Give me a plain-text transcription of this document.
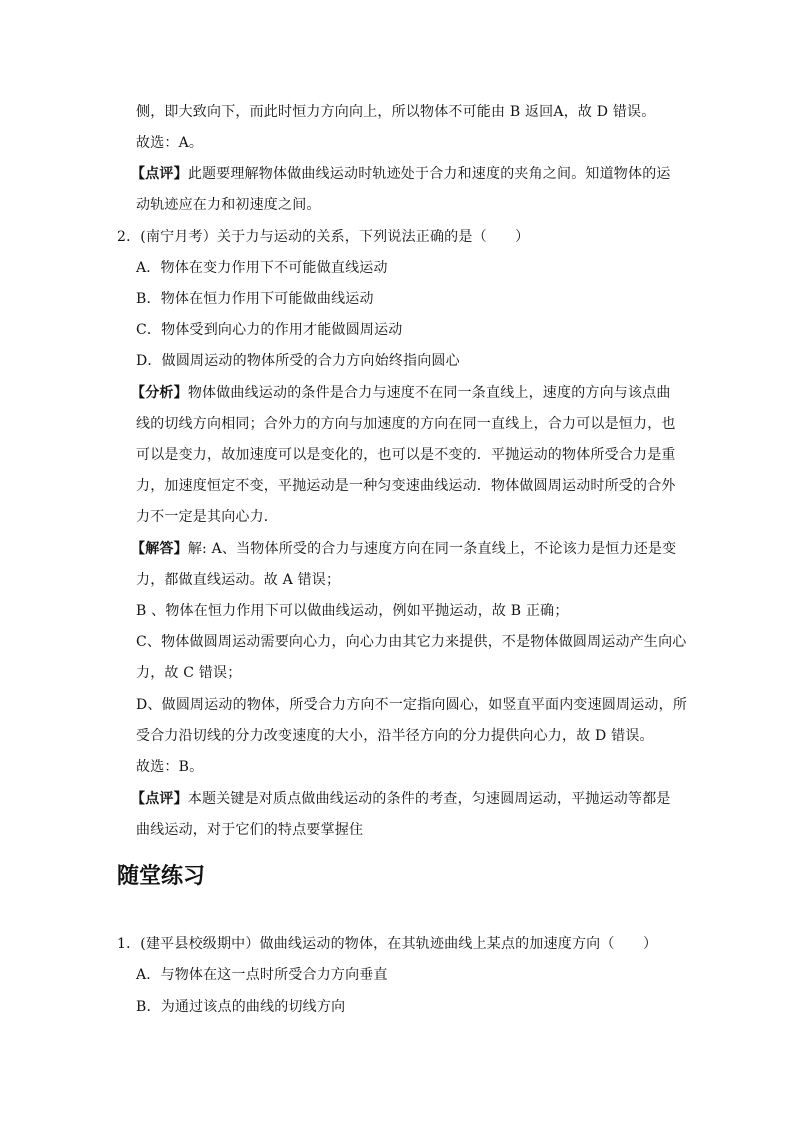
侧，即大致向下，而此时恒力方向向上，所以物体不可能由 B 返回A，故 D 错误。
故选：A。
【点评】此题要理解物体做曲线运动时轨迹处于合力和速度的夹角之间。知道物体的运
动轨迹应在力和初速度之间。
2．(南宁月考）关于力与运动的关系，下列说法正确的是（　　）
A．物体在变力作用下不可能做直线运动
B．物体在恒力作用下可能做曲线运动
C．物体受到向心力的作用才能做圆周运动
D．做圆周运动的物体所受的合力方向始终指向圆心
【分析】物体做曲线运动的条件是合力与速度不在同一条直线上，速度的方向与该点曲
线的切线方向相同；合外力的方向与加速度的方向在同一直线上，合力可以是恒力，也
可以是变力，故加速度可以是变化的，也可以是不变的．平抛运动的物体所受合力是重
力，加速度恒定不变，平抛运动是一种匀变速曲线运动．物体做圆周运动时所受的合外
力不一定是其向心力．
【解答】解: A、当物体所受的合力与速度方向在同一条直线上，不论该力是恒力还是变
力，都做直线运动。故 A 错误；
B 、物体在恒力作用下可以做曲线运动，例如平抛运动，故 B 正确；
C、物体做圆周运动需要向心力，向心力由其它力来提供，不是物体做圆周运动产生向心
力，故 C 错误；
D、做圆周运动的物体，所受合力方向不一定指向圆心，如竖直平面内变速圆周运动，所
受合力沿切线的分力改变速度的大小，沿半径方向的分力提供向心力，故 D 错误。
故选：B。
【点评】本题关键是对质点做曲线运动的条件的考查，匀速圆周运动，平抛运动等都是
曲线运动，对于它们的特点要掌握住
随堂练习
1．(建平县校级期中）做曲线运动的物体，在其轨迹曲线上某点的加速度方向（　　）
A．与物体在这一点时所受合力方向垂直
B．为通过该点的曲线的切线方向
